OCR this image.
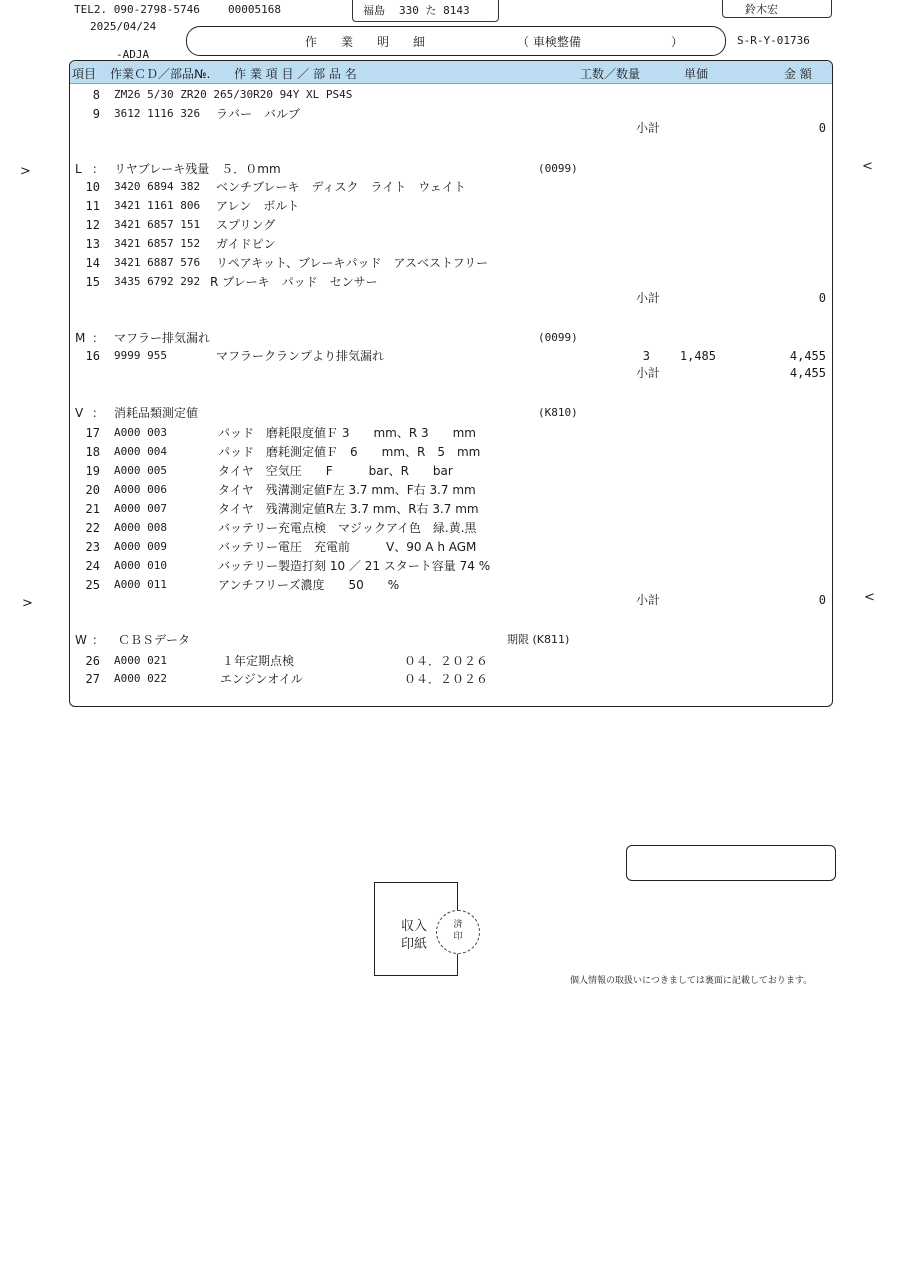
TEL2. 090-2798-5746	00005168
2025/04/24
-ADJA
福島 330 た 8143	鈴木宏
作　　業　　明　　細	（ 車検整備	）	S-R-Y-01736
項目 作業ＣＤ／部品№. 作 業 項 目 ／ 部 品 名	工数／数量	単価	金 額
8 ZM26 5/30 ZR20 265/30R20 94Y XL PS4S
9 3612 1116 326 ラバー　バルブ
小計	0
L ： リヤブレーキ残量　５．０mm	(0099)
10 3420 6894 382 ベンチブレーキ　ディスク　ライト　ウェイト
11 3421 1161 806 アレン　ボルト
12 3421 6857 151 スプリング
13 3421 6857 152 ガイドピン
14 3421 6887 576 リペアキット、ブレーキパッド　アスベストフリー
15 3435 6792 292 R ブレーキ　パッド　センサー
小計	0
M ： マフラー排気漏れ	(0099)
16 9999 955	マフラークランプより排気漏れ	3	1,485	4,455
小計	4,455
V ： 消耗品類測定値	(K810)
17 A000 003	パッド　磨耗限度値Ｆ 3　　mm、R 3　　mm
18 A000 004	パッド　磨耗測定値Ｆ　6　　mm、R　5　mm
19 A000 005	タイヤ　空気圧　　F　　　bar、R　　bar
20 A000 006	タイヤ　残溝測定値F左 3.7 mm、F右 3.7 mm
21 A000 007	タイヤ　残溝測定値R左 3.7 mm、R右 3.7 mm
22 A000 008	バッテリー充電点検　マジックアイ色　緑.黄.黒
23 A000 009	バッテリー電圧　充電前　　　V、90 A h AGM
24 A000 010	バッテリー製造打刻 10 ／ 21 スタート容量 74 %
25 A000 011	アンチフリーズ濃度　　50　　%
小計	0
W ： ＣＢＳデータ	期限 (K811)
26 A000 021	１年定期点検	０４．２０２６
27 A000 022	エンジンオイル	０４．２０２６
>	<
>	<
収入
印紙
済
印
個人情報の取扱いにつきましては裏面に記載しております。
